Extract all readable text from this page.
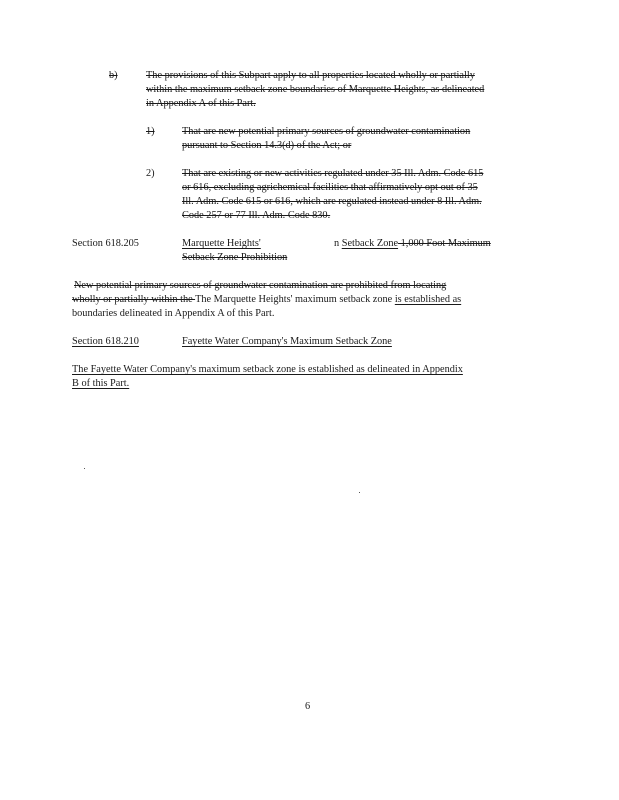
b)	The provisions of this Subpart apply to all properties located wholly or partially
within the maximum setback zone boundaries of Marquette Heights, as delineated
in Appendix A of this Part.
1)	That are new potential primary sources of groundwater contamination
pursuant to Section 14.3(d) of the Act; or
2)	That are existing or new activities regulated under 35 Ill. Adm. Code 615
or 616, excluding agrichemical facilities that affirmatively opt out of 35
Ill. Adm. Code 615 or 616, which are regulated instead under 8 Ill. Adm.
Code 257 or 77 Ill. Adm. Code 830.
Section 618.205	Marquette Heights'	n Setback Zone 1,000 Foot Maximum
Setback Zone Prohibition
New potential primary sources of groundwater contamination are prohibited from locating
wholly or partially within the The Marquette Heights' maximum setback zone is established as
boundaries delineated in Appendix A of this Part.
Section 618.210	Fayette Water Company's Maximum Setback Zone
The Fayette Water Company's maximum setback zone is established as delineated in Appendix
B of this Part.
6
